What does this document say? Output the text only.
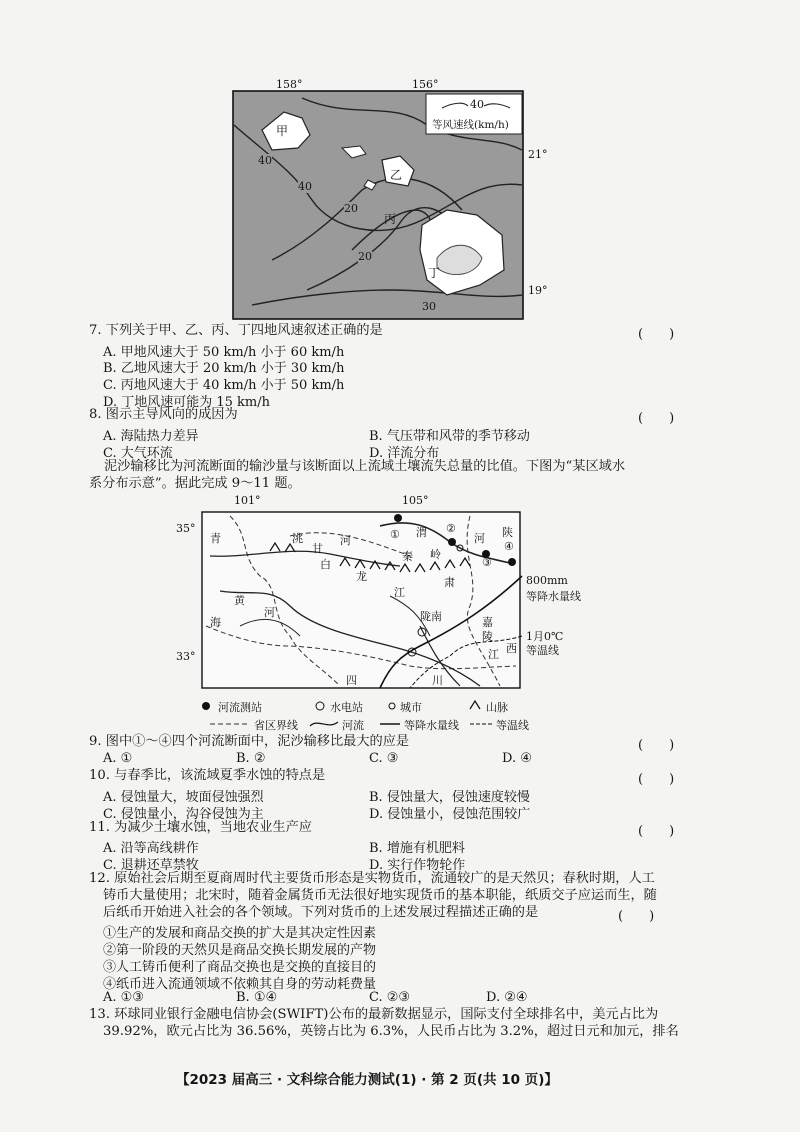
158°	156°
21°
19°
40
等风速线(km/h)
甲
乙
丙
丁
40
40
20
20
30
7. 下列关于甲、乙、丙、丁四地风速叙述正确的是	(　　)
A. 甲地风速大于 50 km/h 小于 60 km/h
B. 乙地风速大于 20 km/h 小于 30 km/h
C. 丙地风速大于 40 km/h 小于 50 km/h
D. 丁地风速可能为 15 km/h
8. 图示主导风向的成因为	(　　)
A. 海陆热力差异	B. 气压带和风带的季节移动
C. 大气环流	D. 洋流分布
泥沙输移比为河流断面的输沙量与该断面以上流域土壤流失总量的比值。下图为“某区域水
系分布示意”。据此完成 9～11 题。
101°	105°
35°
33°
青
海
甘
肃
黄
河
洮	河
渭	河 陕
西
秦 岭
白
龙
江
陇南	嘉
陵
江
四	川
①	②
③
④
800mm
等降水量线
1月0℃
等温线
河流测站	水电站	城市	山脉
省区界线	河流	等降水量线	等温线
9. 图中①～④四个河流断面中，泥沙输移比最大的应是	(　　)
A. ①	B. ②	C. ③	D. ④
10. 与春季比，该流域夏季水蚀的特点是	(　　)
A. 侵蚀量大，坡面侵蚀强烈	B. 侵蚀量大，侵蚀速度较慢
C. 侵蚀量小，沟谷侵蚀为主	D. 侵蚀量小，侵蚀范围较广
11. 为减少土壤水蚀，当地农业生产应	(　　)
A. 沿等高线耕作	B. 增施有机肥料
C. 退耕还草禁牧	D. 实行作物轮作
12. 原始社会后期至夏商周时代主要货币形态是实物货币，流通较广的是天然贝；春秋时期，人工
铸币大量使用；北宋时，随着金属货币无法很好地实现货币的基本职能，纸质交子应运而生，随
后纸币开始进入社会的各个领域。下列对货币的上述发展过程描述正确的是	(　　)
①生产的发展和商品交换的扩大是其决定性因素
②第一阶段的天然贝是商品交换长期发展的产物
③人工铸币便利了商品交换也是交换的直接目的
④纸币进入流通领域不依赖其自身的劳动耗费量
A. ①③	B. ①④	C. ②③	D. ②④
13. 环球同业银行金融电信协会(SWIFT)公布的最新数据显示，国际支付全球排名中，美元占比为
39.92%，欧元占比为 36.56%，英镑占比为 6.3%，人民币占比为 3.2%，超过日元和加元，排名
【2023 届高三 · 文科综合能力测试(1) · 第 2 页(共 10 页)】
